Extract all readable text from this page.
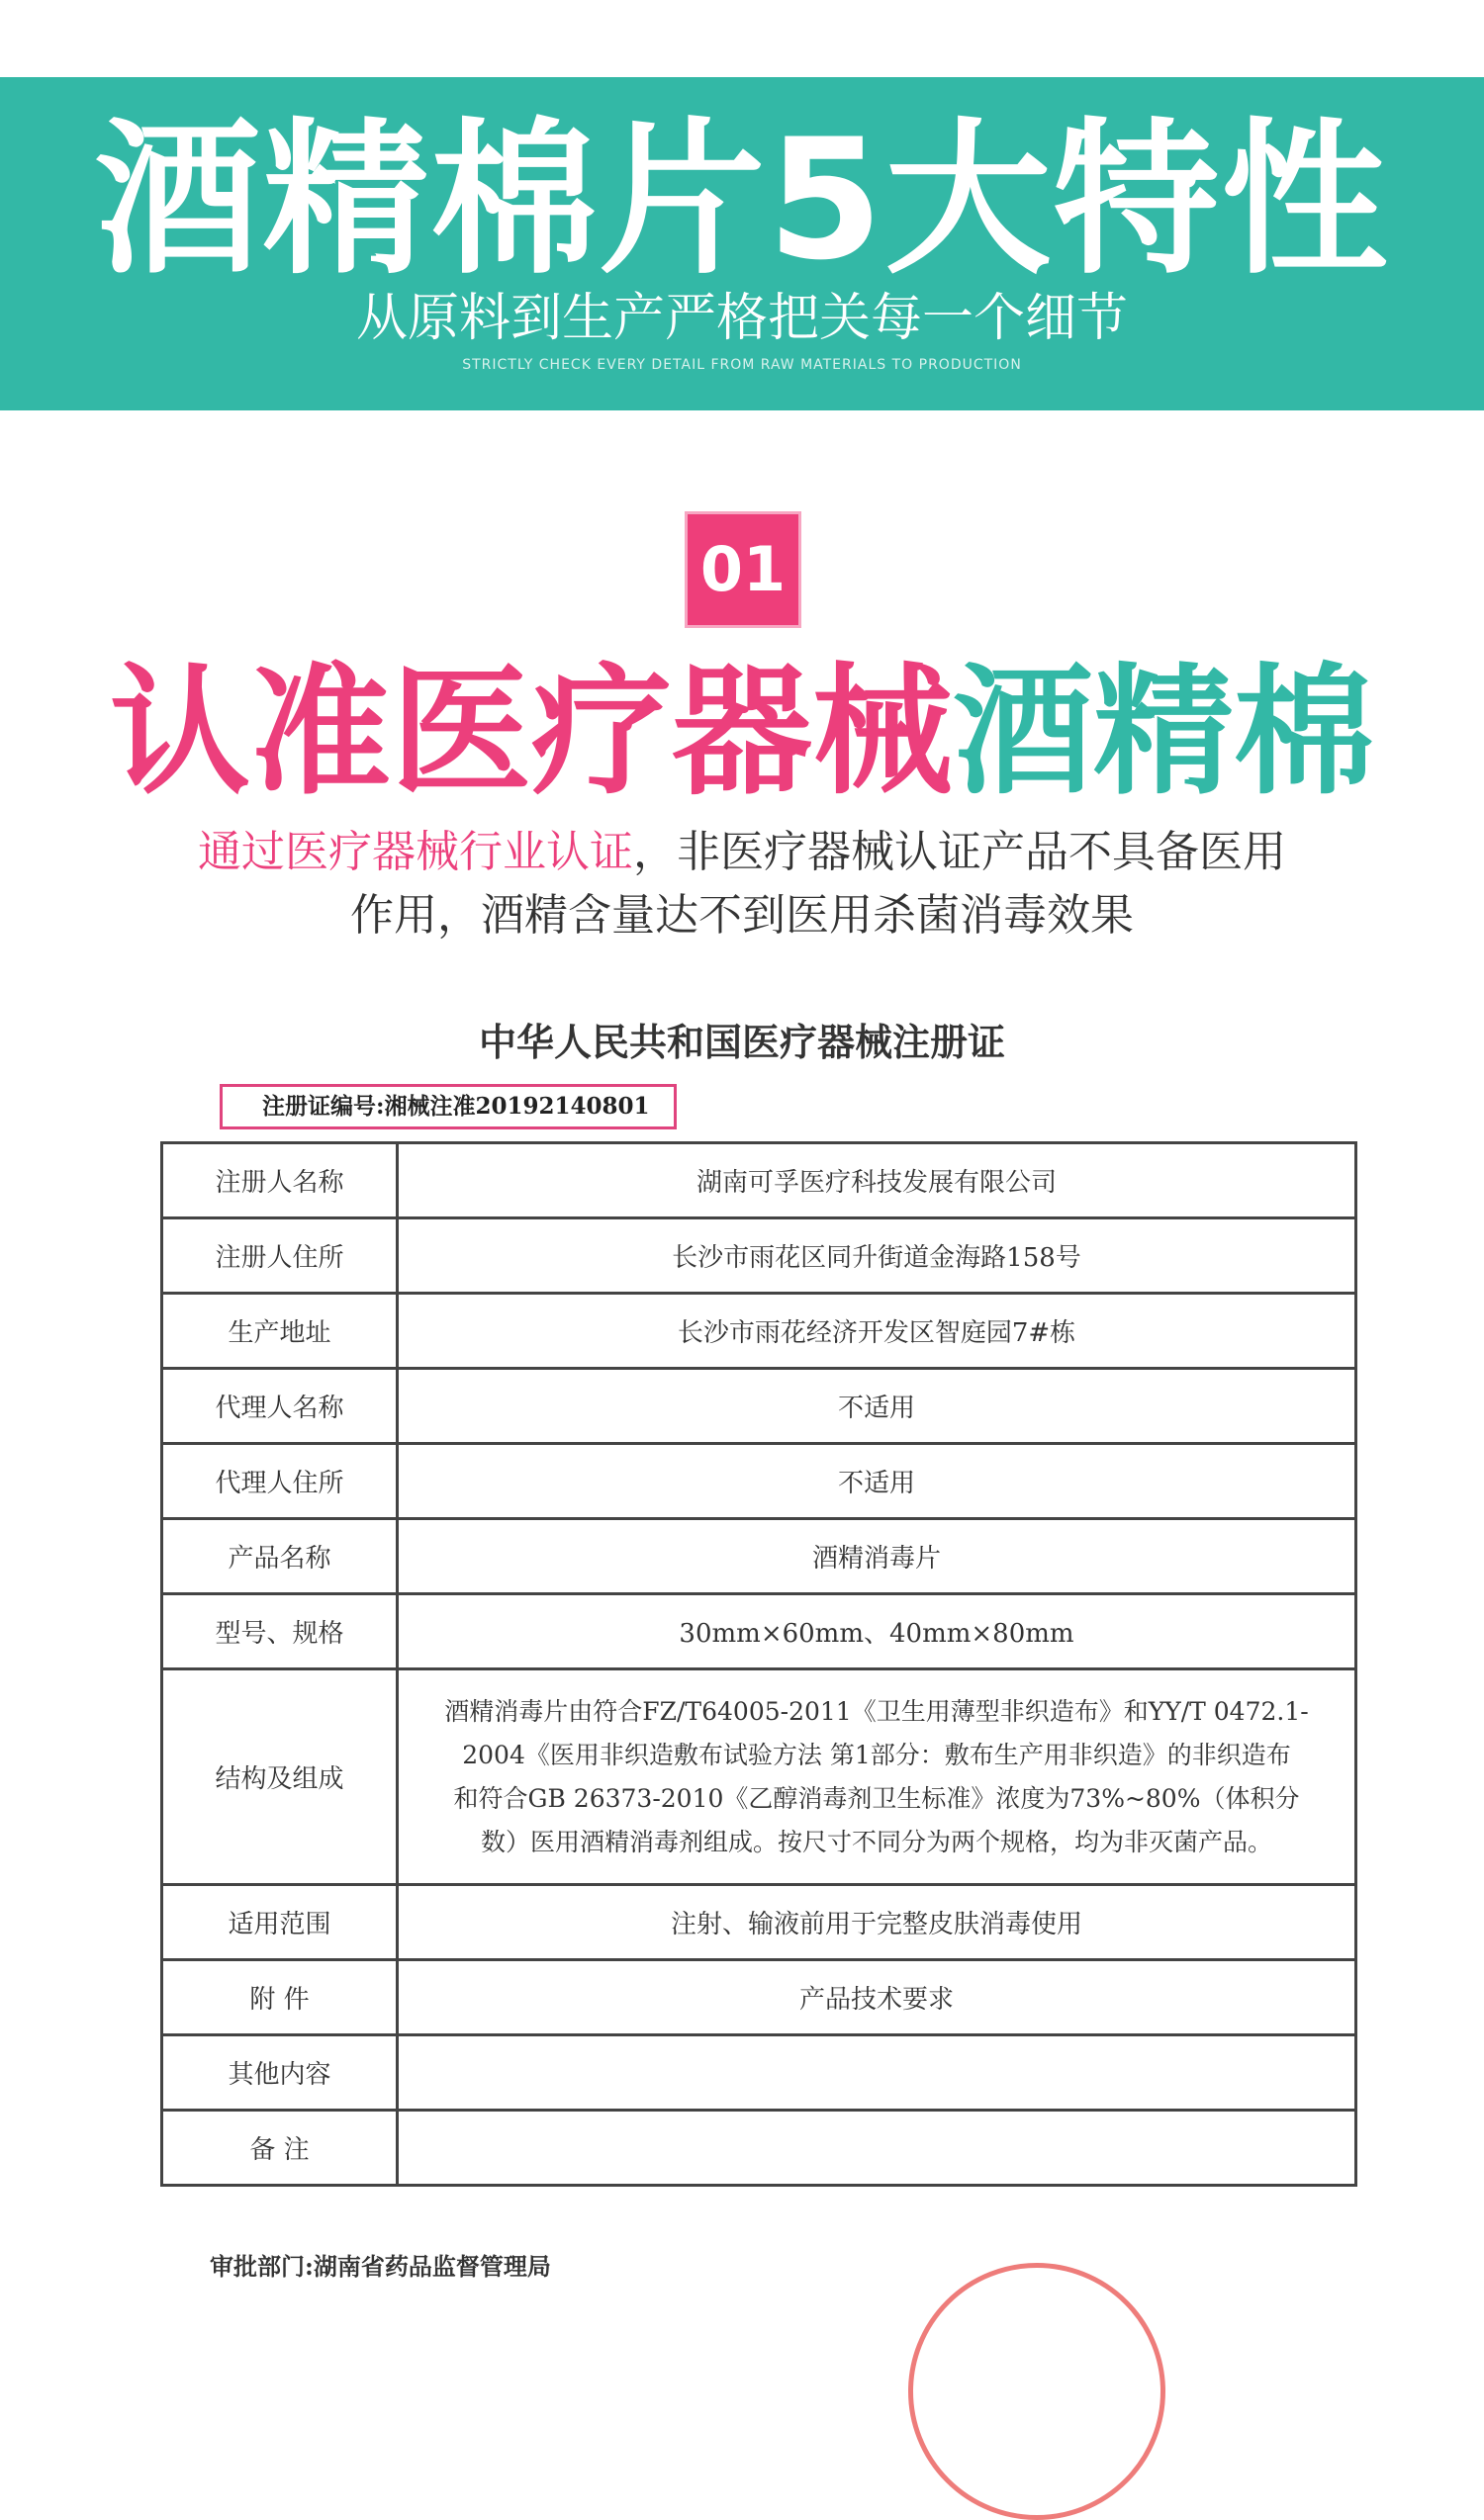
酒精棉片5大特性
从原料到生产严格把关每一个细节
STRICTLY CHECK EVERY DETAIL FROM RAW MATERIALS TO PRODUCTION
01
认准医疗器械酒精棉
通过医疗器械行业认证，非医疗器械认证产品不具备医用
作用，酒精含量达不到医用杀菌消毒效果
中华人民共和国医疗器械注册证
注册证编号:湘械注准20192140801
注册人名称	湖南可孚医疗科技发展有限公司
注册人住所	长沙市雨花区同升街道金海路158号
生产地址	长沙市雨花经济开发区智庭园7#栋
代理人名称	不适用
代理人住所	不适用
产品名称	酒精消毒片
型号、规格	30mm×60mm、40mm×80mm
结构及组成	酒精消毒片由符合FZ/T64005-2011《卫生用薄型非织造布》和YY/T 0472.1-
2004《医用非织造敷布试验方法 第1部分：敷布生产用非织造》的非织造布
和符合GB 26373-2010《乙醇消毒剂卫生标准》浓度为73%~80%（体积分
数）医用酒精消毒剂组成。按尺寸不同分为两个规格，均为非灭菌产品。

适用范围	注射、输液前用于完整皮肤消毒使用
附 件	产品技术要求
其他内容	
备 注	
审批部门:湖南省药品监督管理局
